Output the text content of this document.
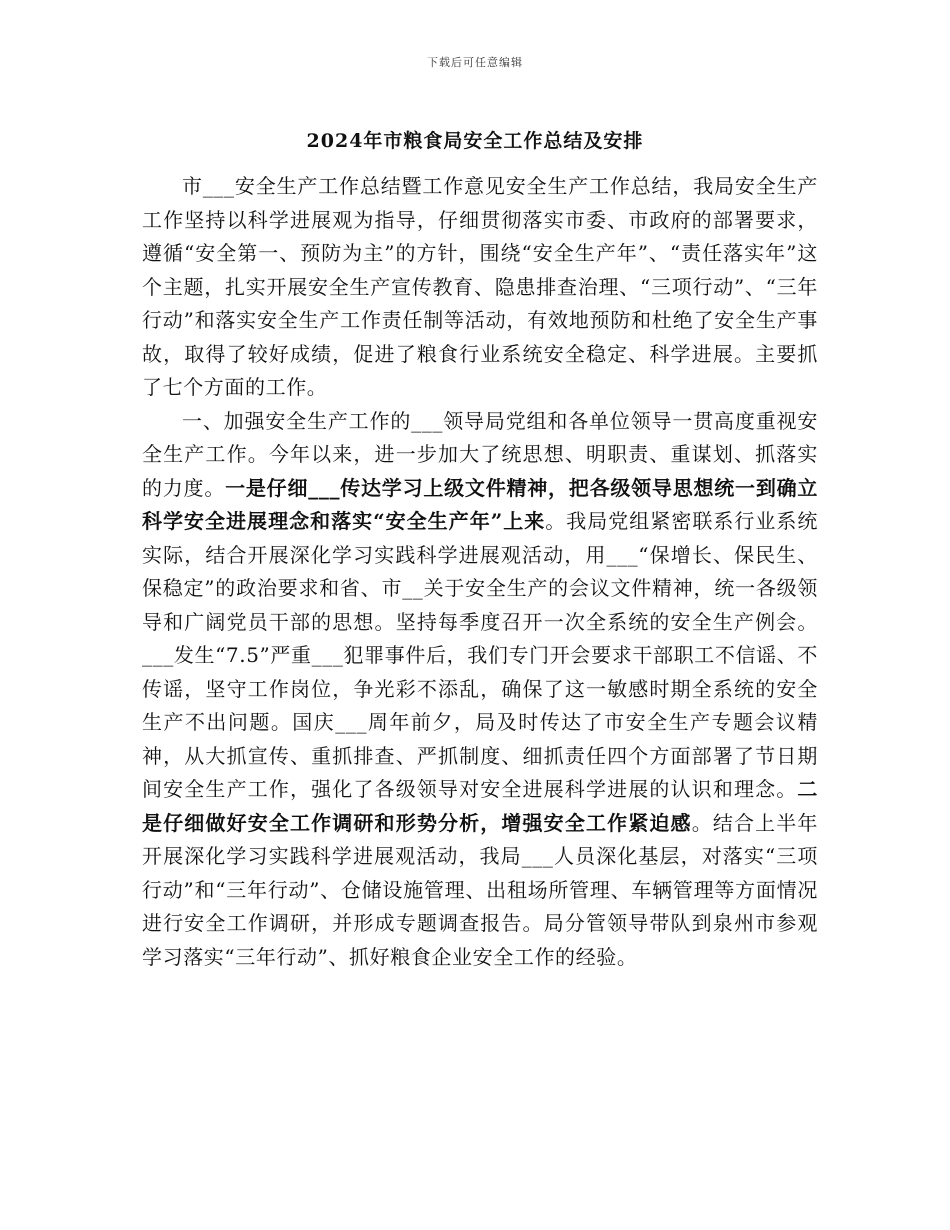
下载后可任意编辑
2024年市粮食局安全工作总结及安排

市___安全生产工作总结暨工作意见安全生产工作总结，我局安全生产工作坚持以科学进展观为指导，仔细贯彻落实市委、市政府的部署要求，遵循“安全第一、预防为主”的方针，围绕“安全生产年”、“责任落实年”这个主题，扎实开展安全生产宣传教育、隐患排查治理、“三项行动”、“三年行动”和落实安全生产工作责任制等活动，有效地预防和杜绝了安全生产事故，取得了较好成绩，促进了粮食行业系统安全稳定、科学进展。主要抓了七个方面的工作。

一、加强安全生产工作的___领导局党组和各单位领导一贯高度重视安全生产工作。今年以来，进一步加大了统思想、明职责、重谋划、抓落实的力度。一是仔细___传达学习上级文件精神，把各级领导思想统一到确立科学安全进展理念和落实“安全生产年”上来。我局党组紧密联系行业系统实际，结合开展深化学习实践科学进展观活动，用___“保增长、保民生、保稳定”的政治要求和省、市__关于安全生产的会议文件精神，统一各级领导和广阔党员干部的思想。坚持每季度召开一次全系统的安全生产例会。___发生“7.5”严重___犯罪事件后，我们专门开会要求干部职工不信谣、不传谣，坚守工作岗位，争光彩不添乱，确保了这一敏感时期全系统的安全生产不出问题。国庆___周年前夕，局及时传达了市安全生产专题会议精神，从大抓宣传、重抓排查、严抓制度、细抓责任四个方面部署了节日期间安全生产工作，强化了各级领导对安全进展科学进展的认识和理念。二是仔细做好安全工作调研和形势分析，增强安全工作紧迫感。结合上半年开展深化学习实践科学进展观活动，我局___人员深化基层，对落实“三项行动”和“三年行动”、仓储设施管理、出租场所管理、车辆管理等方面情况进行安全工作调研，并形成专题调查报告。局分管领导带队到泉州市参观学习落实“三年行动”、抓好粮食企业安全工作的经验。
